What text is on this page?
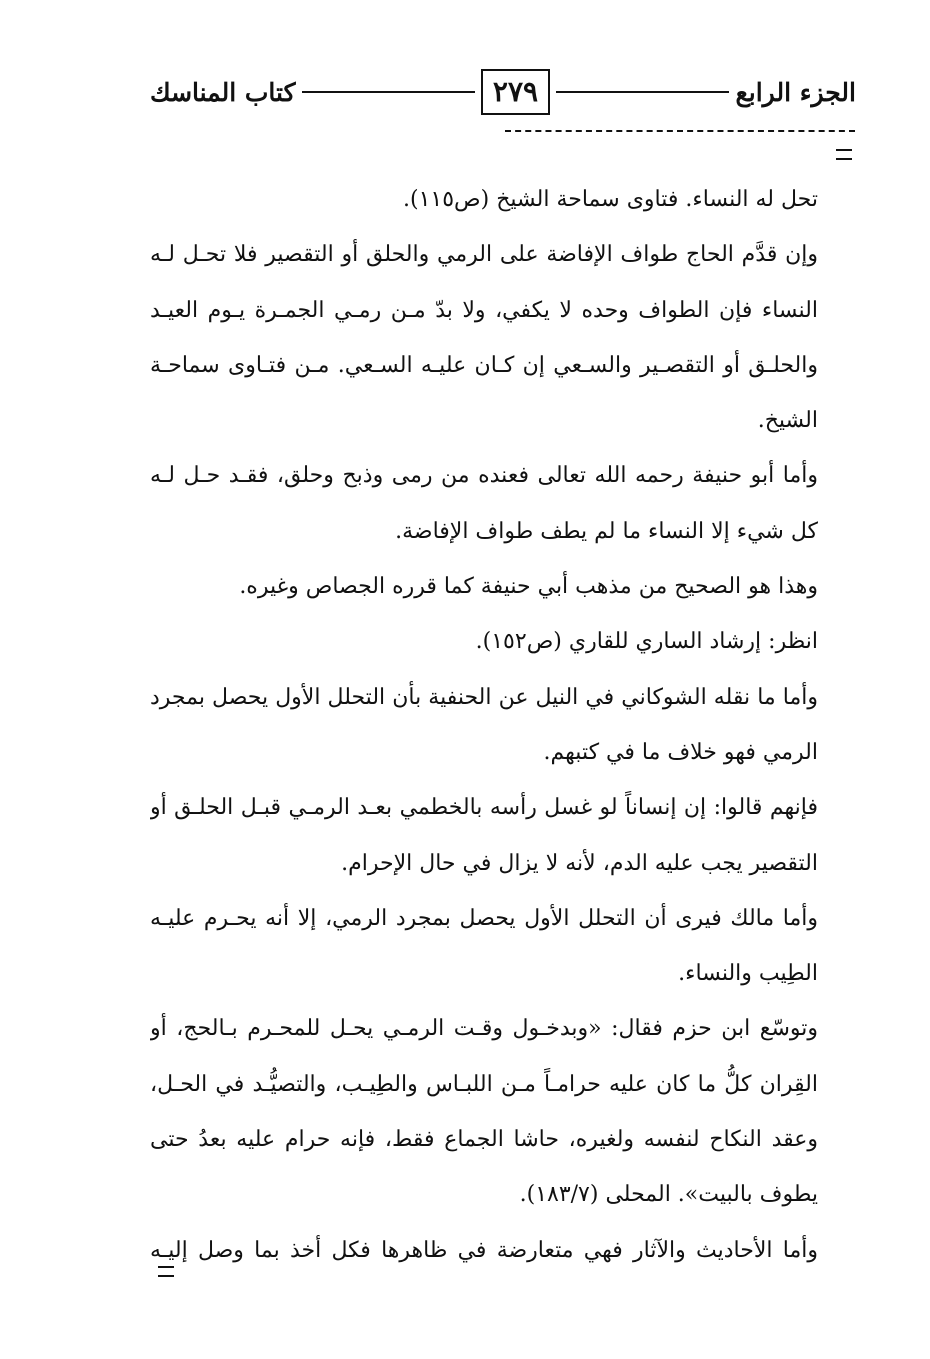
الجزء الرابع
٢٧٩
كتاب المناسك
تحل له النساء. فتاوى سماحة الشيخ (ص١١٥).
وإن قدَّم الحاج طواف الإفاضة على الرمي والحلق أو التقصير فلا تحـل لـه
النساء فإن الطواف وحده لا يكفي، ولا بدّ مـن رمـي الجمـرة يـوم العيـد
والحلـق أو التقصـير والسـعي إن كـان عليـه السـعي. مـن فتـاوى سماحـة
الشيخ.
وأما أبو حنيفة رحمه الله تعالى فعنده من رمى وذبح وحلق، فقـد حـل لـه
كل شيء إلا النساء ما لم يطف طواف الإفاضة.
وهذا هو الصحيح من مذهب أبي حنيفة كما قرره الجصاص وغيره.
انظر: إرشاد الساري للقاري (ص١٥٢).
وأما ما نقله الشوكاني في النيل عن الحنفية بأن التحلل الأول يحصل بمجرد
الرمي فهو خلاف ما في كتبهم.
فإنهم قالوا: إن إنساناً لو غسل رأسه بالخطمي بعـد الرمـي قبـل الحلـق أو
التقصير يجب عليه الدم، لأنه لا يزال في حال الإحرام.
وأما مالك فيرى أن التحلل الأول يحصل بمجرد الرمي، إلا أنه يحـرم عليـه
الطِيب والنساء.
وتوسّع ابن حزم فقال: «وبدخـول وقـت الرمـي يحـل للمحـرم بـالحج، أو
القِران كلُّ ما كان عليه حرامـاً مـن اللبـاس والطِيـب، والتصيُّـد في الحـل،
وعقد النكاح لنفسه ولغيره، حاشا الجماع فقط، فإنه حرام عليه بعدُ حتى
يطوف بالبيت». المحلى (١٨٣/٧).
وأما الأحاديث والآثار فهي متعارضة في ظاهرها فكل أخذ بما وصل إليـه
